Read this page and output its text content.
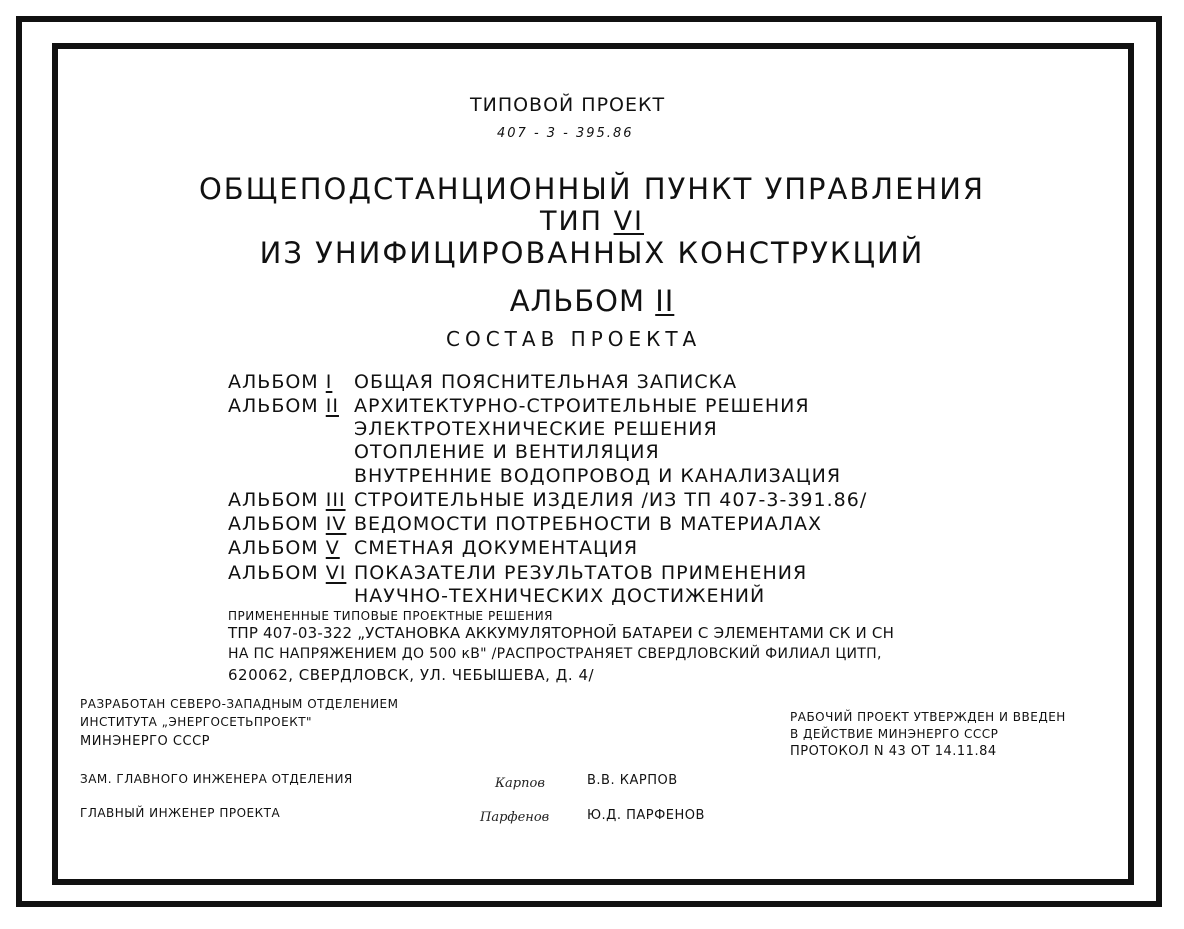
ТИПОВОЙ ПРОЕКТ
407 - 3 - 395.86
ОБЩЕПОДСТАНЦИОННЫЙ ПУНКТ УПРАВЛЕНИЯ
ТИП VI
ИЗ УНИФИЦИРОВАННЫХ КОНСТРУКЦИЙ
АЛЬБОМ II
СОСТАВ ПРОЕКТА
АЛЬБОМ I ОБЩАЯ ПОЯСНИТЕЛЬНАЯ ЗАПИСКА
АЛЬБОМ II АРХИТЕКТУРНО-СТРОИТЕЛЬНЫЕ РЕШЕНИЯ
ЭЛЕКТРОТЕХНИЧЕСКИЕ РЕШЕНИЯ
ОТОПЛЕНИЕ И ВЕНТИЛЯЦИЯ
ВНУТРЕННИЕ ВОДОПРОВОД И КАНАЛИЗАЦИЯ
АЛЬБОМ III СТРОИТЕЛЬНЫЕ ИЗДЕЛИЯ /ИЗ ТП 407-3-391.86/
АЛЬБОМ IV ВЕДОМОСТИ ПОТРЕБНОСТИ В МАТЕРИАЛАХ
АЛЬБОМ V СМЕТНАЯ ДОКУМЕНТАЦИЯ
АЛЬБОМ VI ПОКАЗАТЕЛИ РЕЗУЛЬТАТОВ ПРИМЕНЕНИЯ
НАУЧНО-ТЕХНИЧЕСКИХ ДОСТИЖЕНИЙ
ПРИМЕНЕННЫЕ ТИПОВЫЕ ПРОЕКТНЫЕ РЕШЕНИЯ
ТПР 407-03-322 „УСТАНОВКА АККУМУЛЯТОРНОЙ БАТАРЕИ С ЭЛЕМЕНТАМИ СК И СН
НА ПС НАПРЯЖЕНИЕМ ДО 500 кВ" /РАСПРОСТРАНЯЕТ СВЕРДЛОВСКИЙ ФИЛИАЛ ЦИТП,
620062, СВЕРДЛОВСК, УЛ. ЧЕБЫШЕВА, Д. 4/
РАЗРАБОТАН СЕВЕРО-ЗАПАДНЫМ ОТДЕЛЕНИЕМ
ИНСТИТУТА „ЭНЕРГОСЕТЬПРОЕКТ"
МИНЭНЕРГО СССР
РАБОЧИЙ ПРОЕКТ УТВЕРЖДЕН И ВВЕДЕН
В ДЕЙСТВИЕ МИНЭНЕРГО СССР
ПРОТОКОЛ N 43 ОТ 14.11.84
ЗАМ. ГЛАВНОГО ИНЖЕНЕРА ОТДЕЛЕНИЯ	Карпов	В.В. КАРПОВ
ГЛАВНЫЙ ИНЖЕНЕР ПРОЕКТА	Парфенов	Ю.Д. ПАРФЕНОВ
